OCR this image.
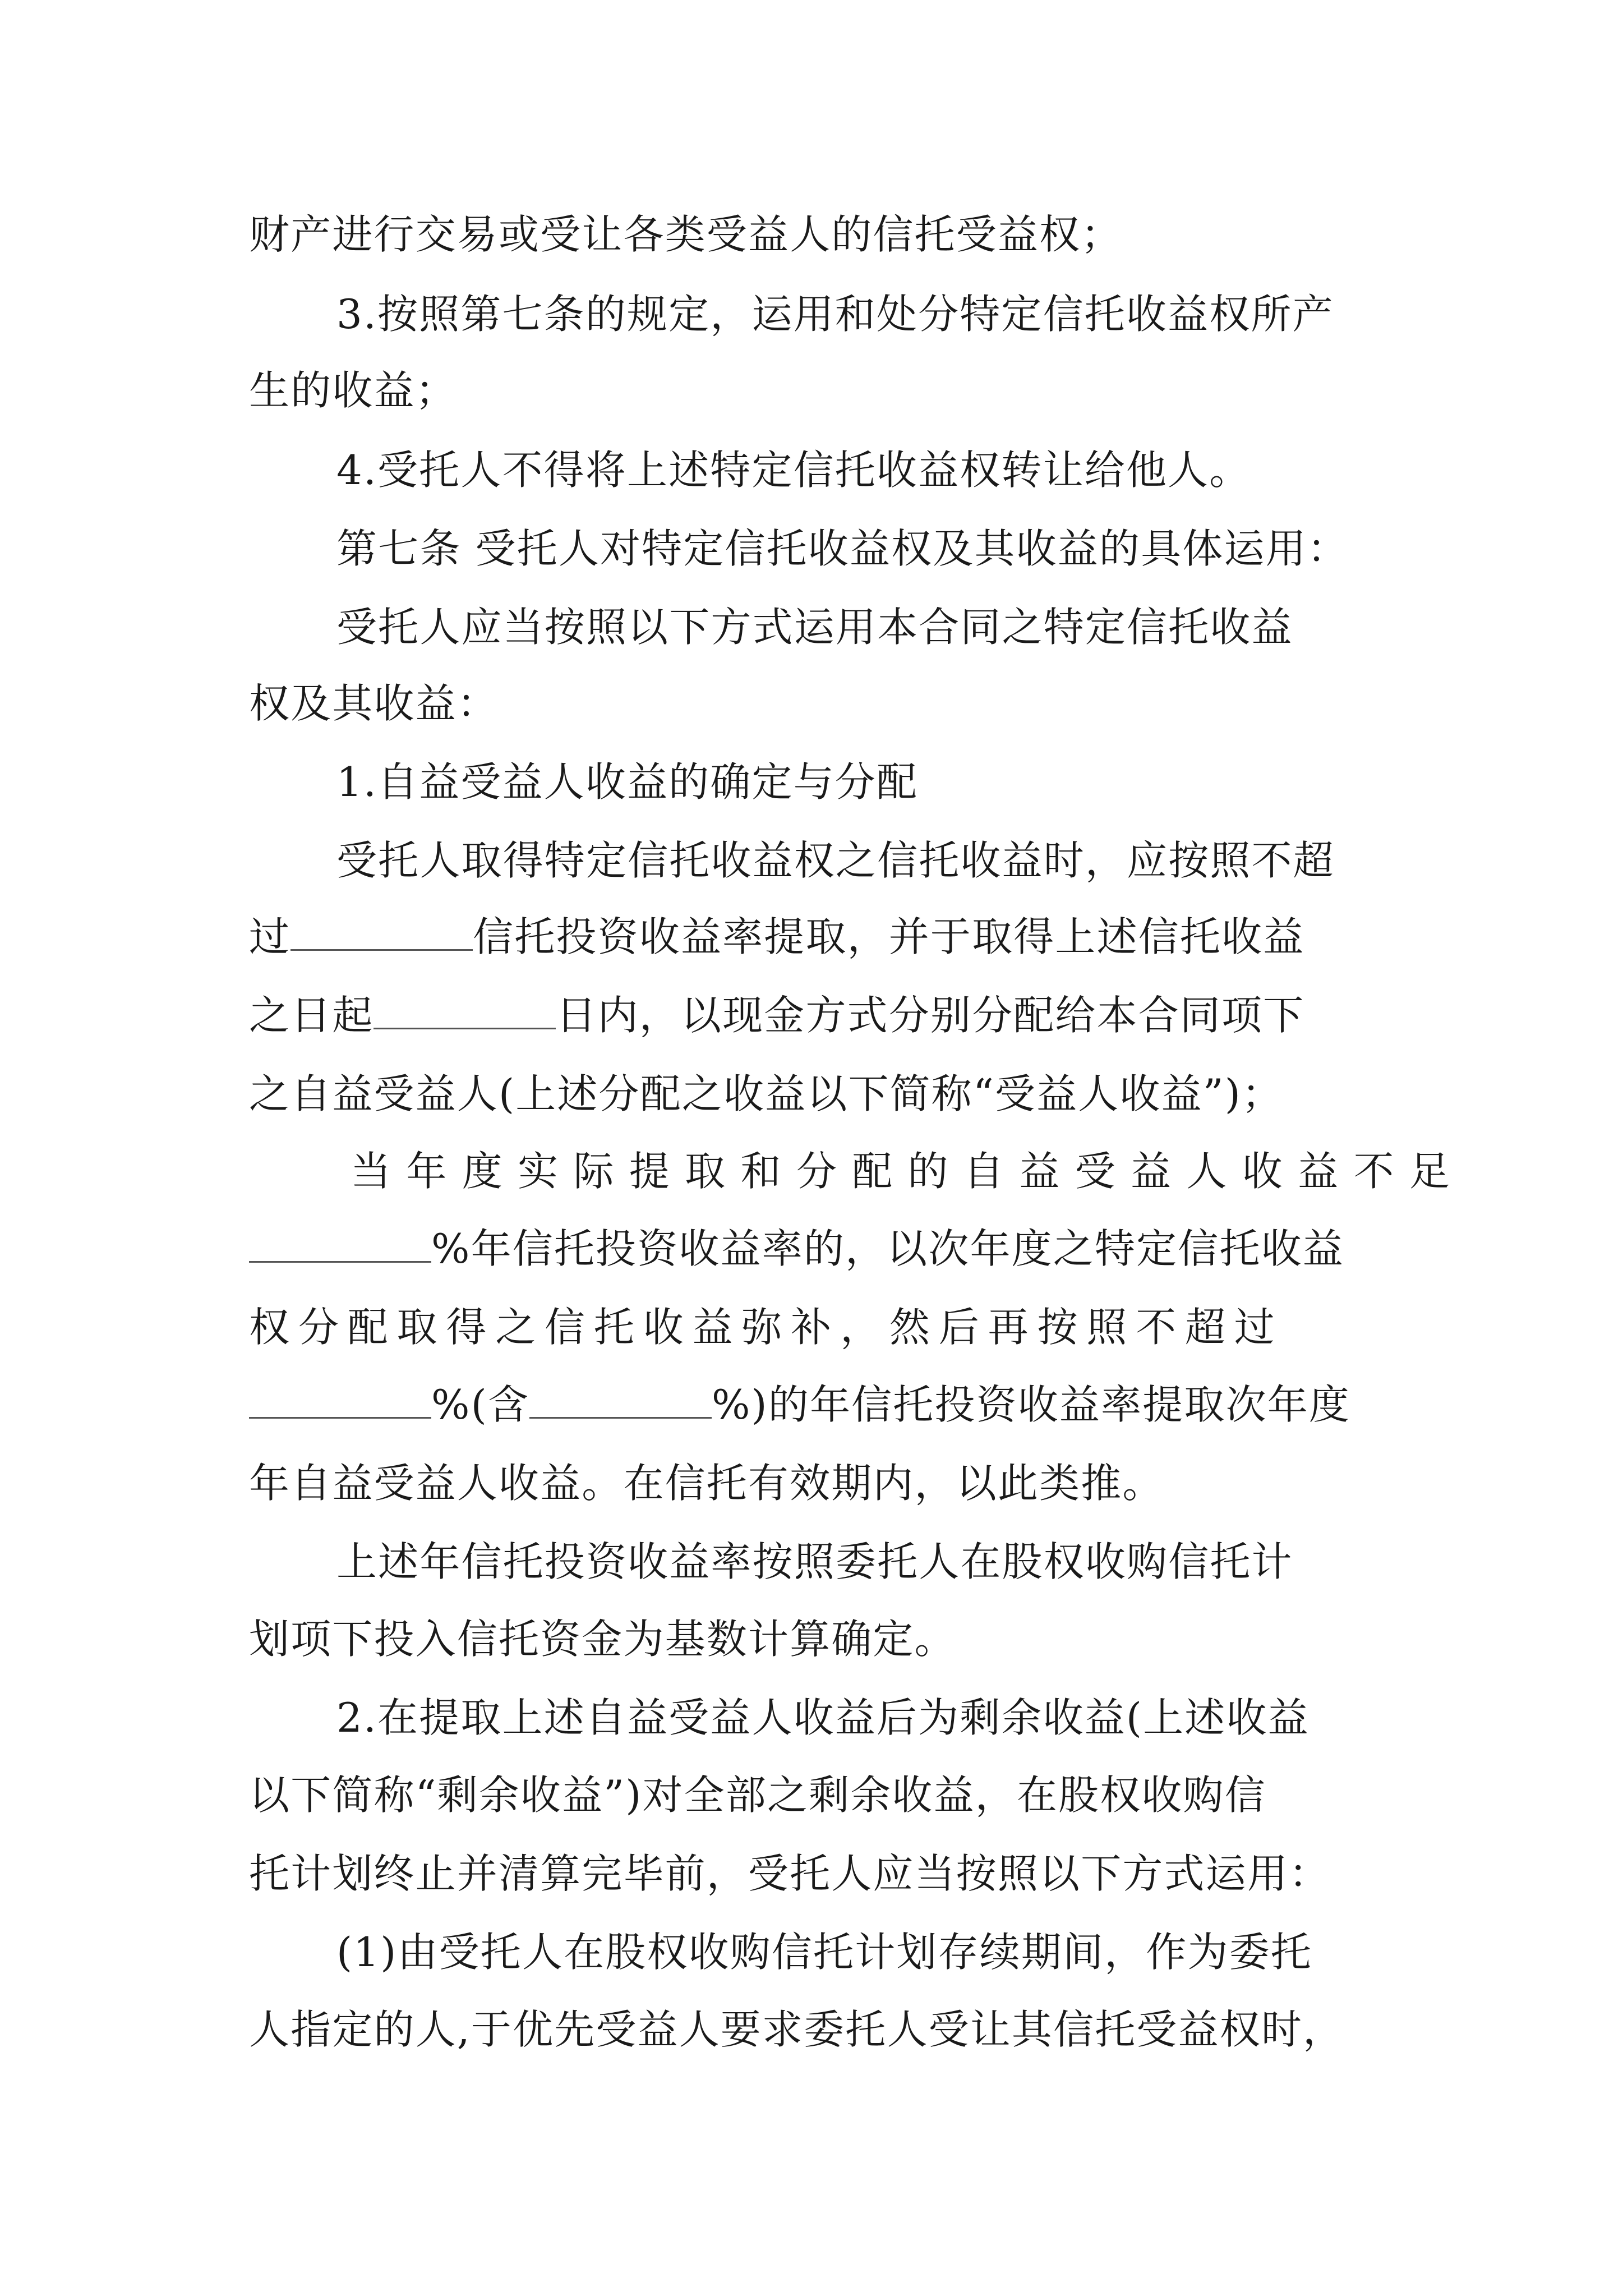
财产进行交易或受让各类受益人的信托受益权；
3.按照第七条的规定，运用和处分特定信托收益权所产
生的收益；
4.受托人不得将上述特定信托收益权转让给他人。
第七条 受托人对特定信托收益权及其收益的具体运用：
受托人应当按照以下方式运用本合同之特定信托收益
权及其收益：
1.自益受益人收益的确定与分配
受托人取得特定信托收益权之信托收益时，应按照不超
过	信托投资收益率提取，并于取得上述信托收益
之日起	日内，以现金方式分别分配给本合同项下
之自益受益人(上述分配之收益以下简称“受益人收益”)；
当年度实际提取和分配的自益受益人收益不足
%年信托投资收益率的，以次年度之特定信托收益
权分配取得之信托收益弥补，然后再按照不超过
%(含	%)的年信托投资收益率提取次年度
年自益受益人收益。在信托有效期内，以此类推。
上述年信托投资收益率按照委托人在股权收购信托计
划项下投入信托资金为基数计算确定。
2.在提取上述自益受益人收益后为剩余收益(上述收益
以下简称“剩余收益”)对全部之剩余收益，在股权收购信
托计划终止并清算完毕前，受托人应当按照以下方式运用：
(1)由受托人在股权收购信托计划存续期间，作为委托
人指定的人,于优先受益人要求委托人受让其信托受益权时，
